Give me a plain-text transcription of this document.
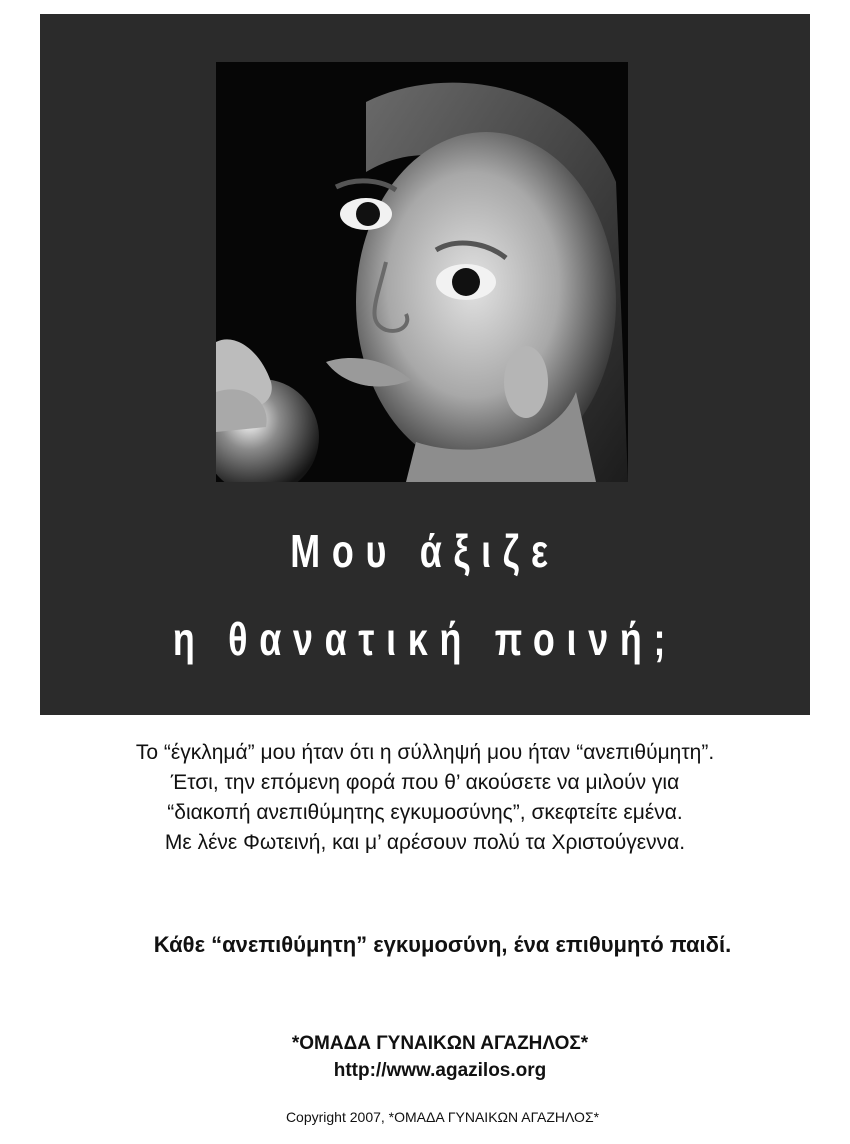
Μου άξιζε
η θανατική ποινή;
Το “έγκλημά” μου ήταν ότι η σύλληψή μου ήταν “ανεπιθύμητη”.
Έτσι, την επόμενη φορά που θ’ ακούσετε να μιλούν για
“διακοπή ανεπιθύμητης εγκυμοσύνης”, σκεφτείτε εμένα.
Με λένε Φωτεινή, και μ’ αρέσουν πολύ τα Χριστούγεννα.
Κάθε “ανεπιθύμητη” εγκυμοσύνη, ένα επιθυμητό παιδί.
*ΟΜΑΔΑ ΓΥΝΑΙΚΩΝ ΑΓΑΖΗΛΟΣ*
http://www.agazilos.org
Copyright 2007, *ΟΜΑΔΑ ΓΥΝΑΙΚΩΝ ΑΓΑΖΗΛΟΣ*
